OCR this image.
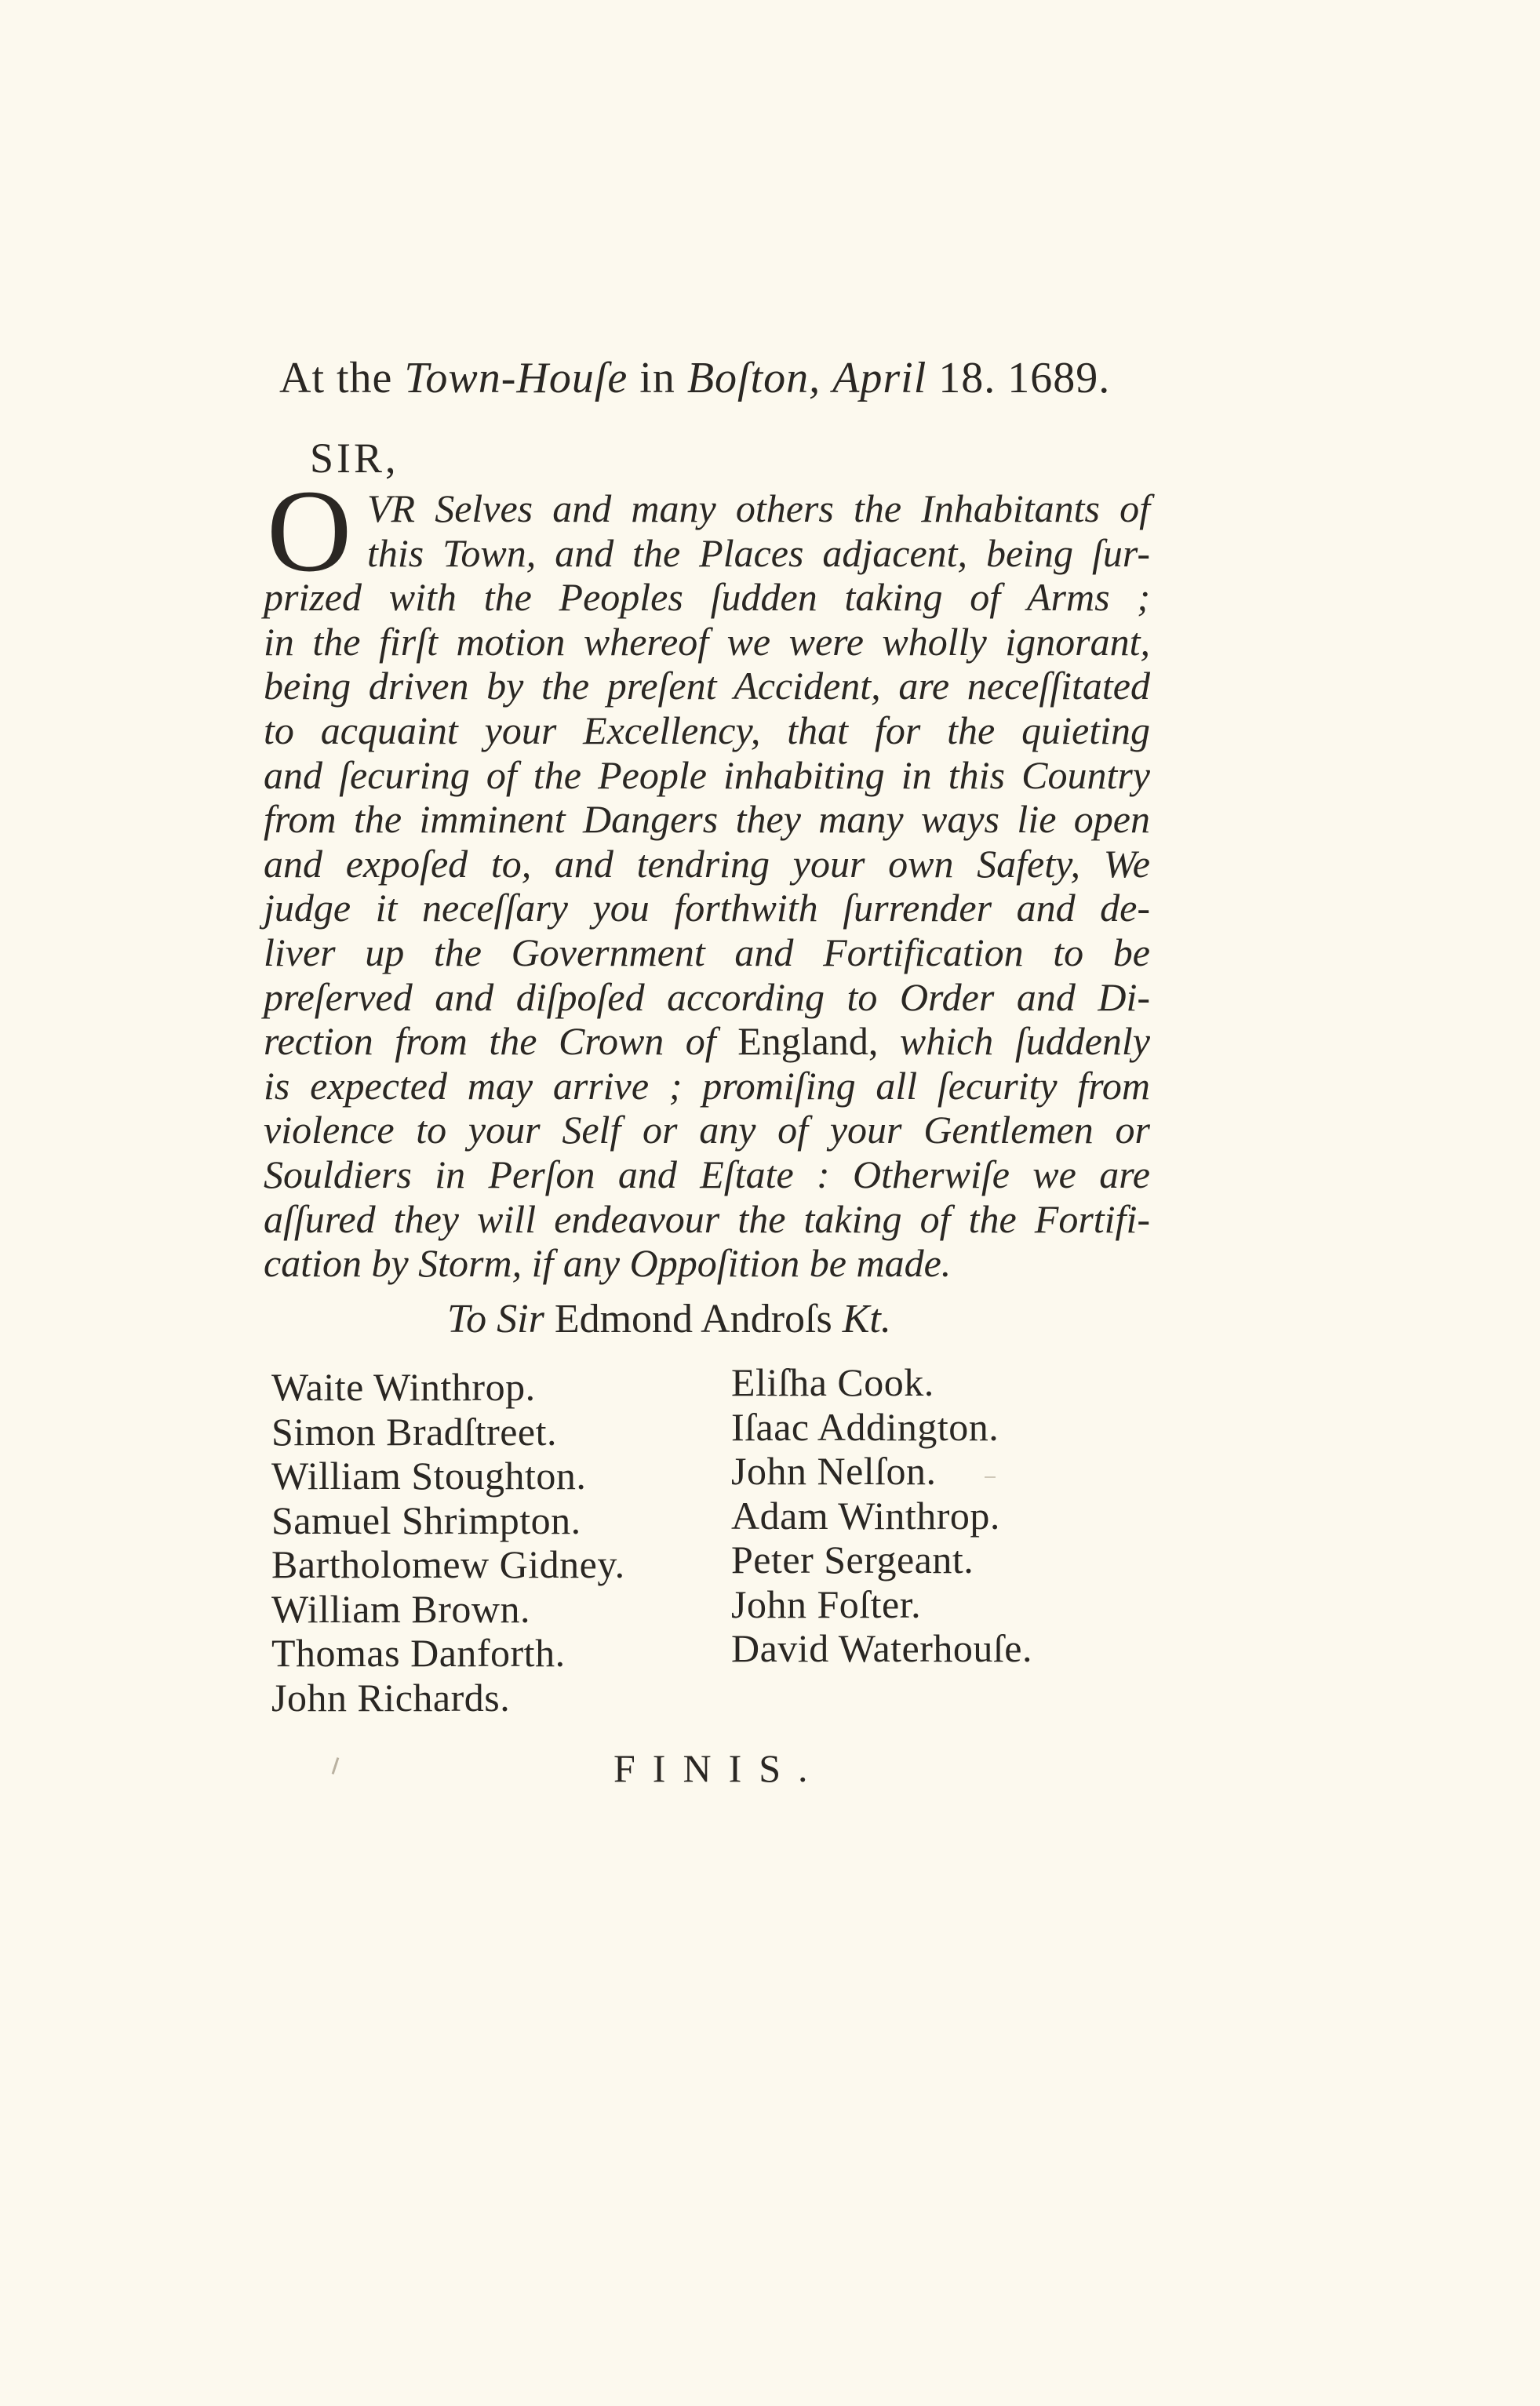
At the Town-Houſe in Boſton, April 18. 1689.
SIR,
O VR Selves and many others the Inhabitants of
this Town, and the Places adjacent, being ſur-
prized with the Peoples ſudden taking of Arms ;
in the firſt motion whereof we were wholly ignorant,
being driven by the preſent Accident, are neceſſitated
to acquaint your Excellency, that for the quieting
and ſecuring of the People inhabiting in this Country
from the imminent Dangers they many ways lie open
and expoſed to, and tendring your own Safety, We
judge it neceſſary you forthwith ſurrender and de-
liver up the Government and Fortification to be
preſerved and diſpoſed according to Order and Di-
rection from the Crown of England, which ſuddenly
is expected may arrive ; promiſing all ſecurity from
violence to your Self or any of your Gentlemen or
Souldiers in Perſon and Eſtate : Otherwiſe we are
aſſured they will endeavour the taking of the Fortifi-
cation by Storm, if any Oppoſition be made.
To Sir Edmond Androſs Kt.
Waite Winthrop.
Simon Bradſtreet.
William Stoughton.
Samuel Shrimpton.
Bartholomew Gidney.
William Brown.
Thomas Danforth.
John Richards.
Eliſha Cook.
Iſaac Addington.
John Nelſon.
Adam Winthrop.
Peter Sergeant.
John Foſter.
David Waterhouſe.
FINIS.
